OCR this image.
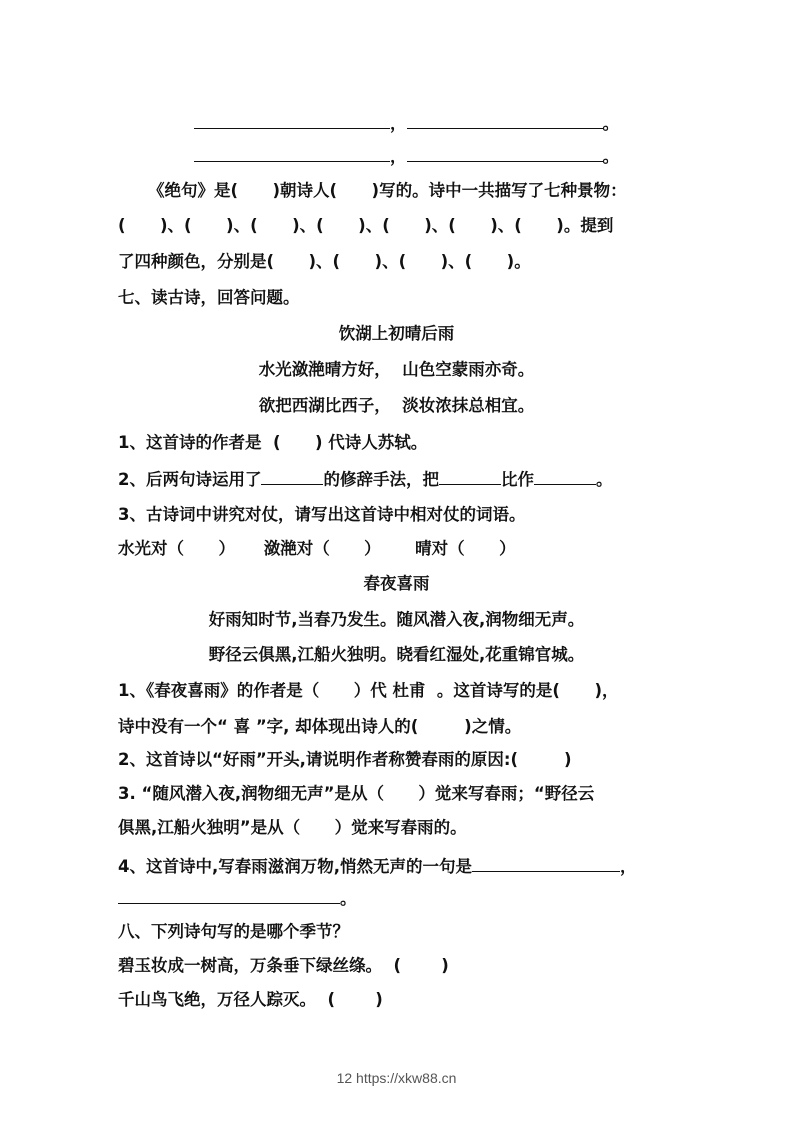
，	。
，	。
《绝句》是(      )朝诗人(      )写的。诗中一共描写了七种景物：
(      )、(      )、(      )、(      )、(      )、(      )、(      )。提到
了四种颜色，分别是(      )、(      )、(      )、(      )。
七、读古诗，回答问题。
饮湖上初晴后雨
水光潋滟晴方好，  山色空蒙雨亦奇。
欲把西湖比西子，  淡妆浓抹总相宜。
1、这首诗的作者是  (      ) 代诗人苏轼。
2、后两句诗运用了	的修辞手法，把	比作	。
3、古诗词中讲究对仗，请写出这首诗中相对仗的词语。
水光对（      ）     潋滟对（      ）      晴对（      ）
春夜喜雨
好雨知时节,当春乃发生。随风潜入夜,润物细无声。
野径云俱黑,江船火独明。晓看红湿处,花重锦官城。
1、《春夜喜雨》的作者是（      ）代 杜甫  。这首诗写的是(      )，
诗中没有一个“ 喜 ”字, 却体现出诗人的(        )之情。
2、这首诗以“好雨”开头,请说明作者称赞春雨的原因:(        )
3. “随风潜入夜,润物细无声”是从（      ）觉来写春雨；“野径云
俱黑,江船火独明”是从（      ）觉来写春雨的。
4、这首诗中,写春雨滋润万物,悄然无声的一句是	，
。
八、下列诗句写的是哪个季节？
碧玉妆成一树高，万条垂下绿丝绦。  (       )
千山鸟飞绝，万径人踪灭。  (       )
12 https://xkw88.cn
